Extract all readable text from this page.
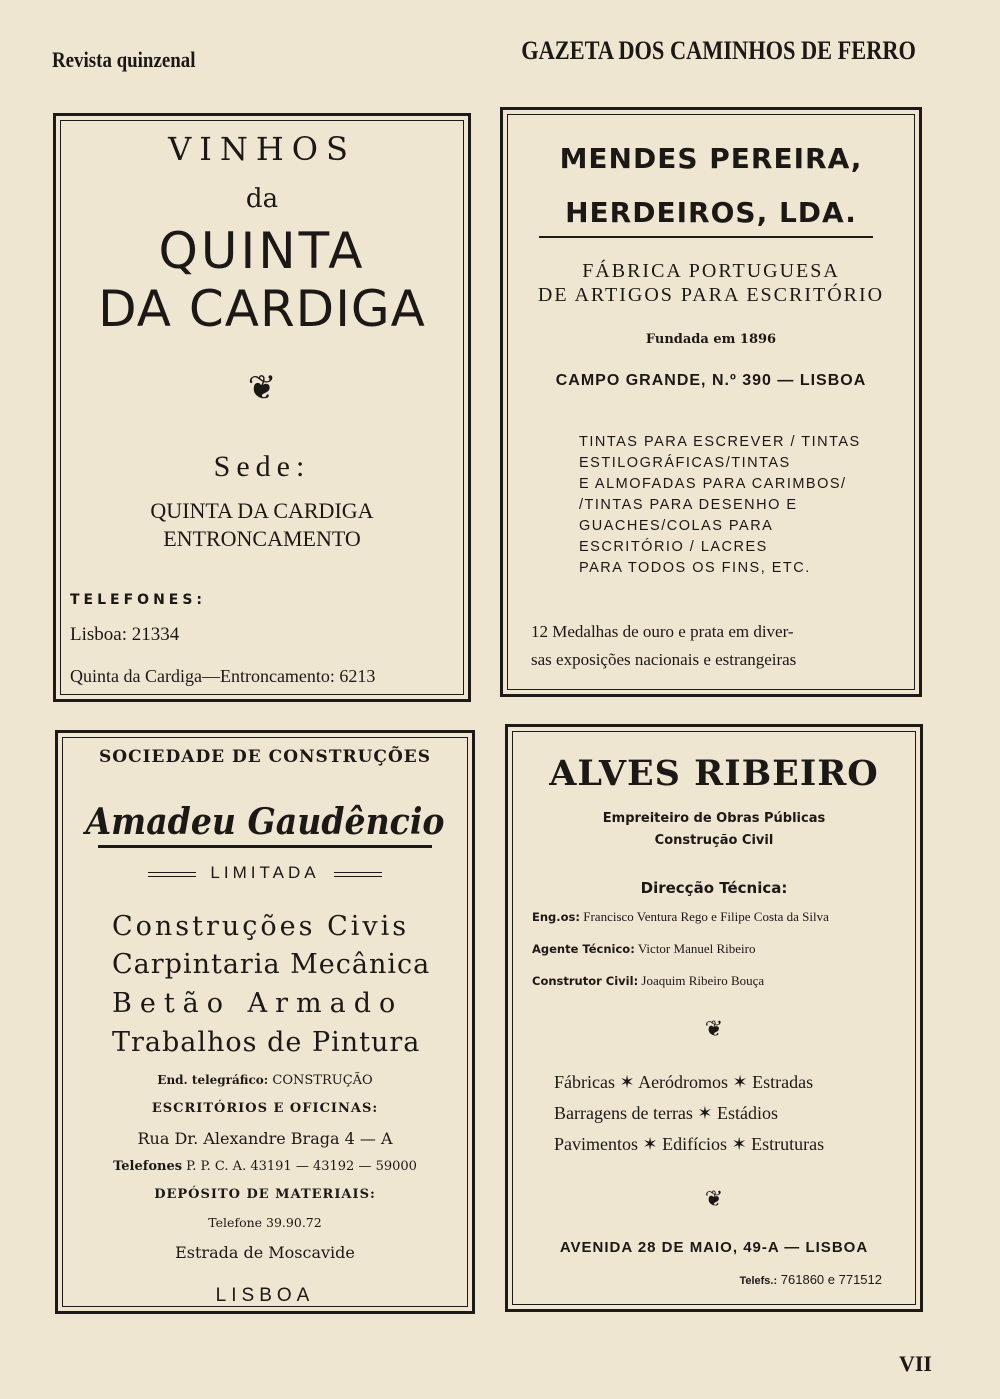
Revista quinzenal	GAZETA DOS CAMINHOS DE FERRO
VINHOS
da
QUINTA
DA CARDIGA
❦
Sede:
QUINTA DA CARDIGA
ENTRONCAMENTO
TELEFONES:
Lisboa: 21334
Quinta da Cardiga—Entroncamento: 6213
MENDES PEREIRA,
HERDEIROS, LDA.
FÁBRICA PORTUGUESA
DE ARTIGOS PARA ESCRITÓRIO
Fundada em 1896
CAMPO GRANDE, N.º 390 — LISBOA
TINTAS PARA ESCREVER / TINTAS
ESTILOGRÁFICAS/TINTAS
E ALMOFADAS PARA CARIMBOS/
/TINTAS PARA DESENHO E
GUACHES/COLAS PARA
ESCRITÓRIO / LACRES
PARA TODOS OS FINS, ETC.
12 Medalhas de ouro e prata em diver-
sas exposições nacionais e estrangeiras
SOCIEDADE DE CONSTRUÇÕES
Amadeu Gaudêncio
LIMITADA
Construções Civis
Carpintaria Mecânica
Betão Armado
Trabalhos de Pintura
End. telegráfico: CONSTRUÇÃO
ESCRITÓRIOS E OFICINAS:
Rua Dr. Alexandre Braga 4 — A
Telefones P. P. C. A. 43191 — 43192 — 59000
DEPÓSITO DE MATERIAIS:
Telefone 39.90.72
Estrada de Moscavide
LISBOA
ALVES RIBEIRO
Empreiteiro de Obras Públicas
Construção Civil
Direcção Técnica:
Eng.os: Francisco Ventura Rego e Filipe Costa da Silva
Agente Técnico: Victor Manuel Ribeiro
Construtor Civil: Joaquim Ribeiro Bouça
❦
Fábricas ✶ Aeródromos ✶ Estradas
Barragens de terras ✶ Estádios
Pavimentos ✶ Edifícios ✶ Estruturas
❦
AVENIDA 28 DE MAIO, 49-A — LISBOA
Telefs.: 761860 e 771512
VII
